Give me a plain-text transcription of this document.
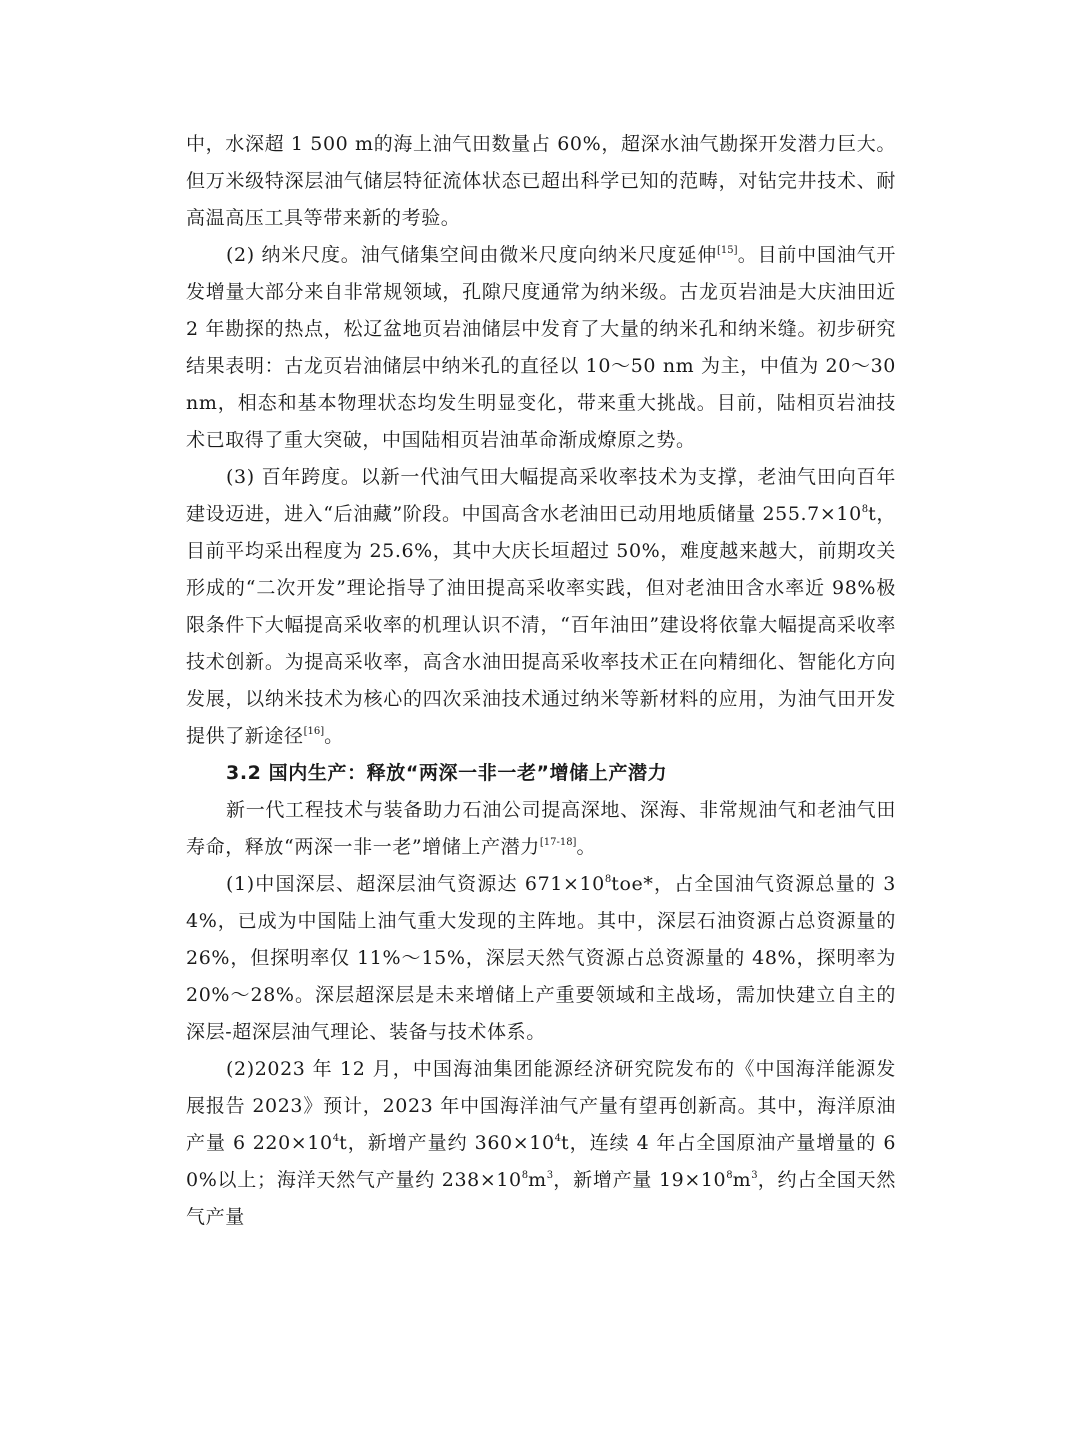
中，水深超 1 500 m的海上油气田数量占 60%，超深水油气勘探开发潜力巨大。但万米级特深层油气储层特征流体状态已超出科学已知的范畴，对钻完井技术、耐高温高压工具等带来新的考验。

(2) 纳米尺度。油气储集空间由微米尺度向纳米尺度延伸[15]。目前中国油气开发增量大部分来自非常规领域，孔隙尺度通常为纳米级。古龙页岩油是大庆油田近 2 年勘探的热点，松辽盆地页岩油储层中发育了大量的纳米孔和纳米缝。初步研究结果表明：古龙页岩油储层中纳米孔的直径以 10～50 nm 为主，中值为 20～30 nm，相态和基本物理状态均发生明显变化，带来重大挑战。目前，陆相页岩油技术已取得了重大突破，中国陆相页岩油革命渐成燎原之势。

(3) 百年跨度。以新一代油气田大幅提高采收率技术为支撑，老油气田向百年建设迈进，进入“后油藏”阶段。中国高含水老油田已动用地质储量 $255.7\times 10^8t$，目前平均采出程度为 25.6%，其中大庆长垣超过 50%，难度越来越大，前期攻关形成的“二次开发”理论指导了油田提高采收率实践，但对老油田含水率近 98%极限条件下大幅提高采收率的机理认识不清，“百年油田”建设将依靠大幅提高采收率技术创新。为提高采收率，高含水油田提高采收率技术正在向精细化、智能化方向发展，以纳米技术为核心的四次采油技术通过纳米等新材料的应用，为油气田开发提供了新途径[16]。

3.2 国内生产：释放“两深一非一老”增储上产潜力

新一代工程技术与装备助力石油公司提高深地、深海、非常规油气和老油气田寿命，释放“两深一非一老”增储上产潜力[17-18]。

(1)中国深层、超深层油气资源达 $671\times 10^8toe*$，占全国油气资源总量的 34%，已成为中国陆上油气重大发现的主阵地。其中，深层石油资源占总资源量的 26%，但探明率仅 11%～15%，深层天然气资源占总资源量的 48%，探明率为 20%～28%。深层超深层是未来增储上产重要领域和主战场，需加快建立自主的深层-超深层油气理论、装备与技术体系。

(2)2023 年 12 月，中国海油集团能源经济研究院发布的《中国海洋能源发展报告 2023》预计，2023 年中国海洋油气产量有望再创新高。其中，海洋原油产量 6 $220\times 10^4t$，新增产量约 $360\times 10^4t$，连续 4 年占全国原油产量增量的 60%以上；海洋天然气产量约 $238\times 10^8m^3$，新增产量 $19\times 10^8m^3$，约占全国天然气产量
